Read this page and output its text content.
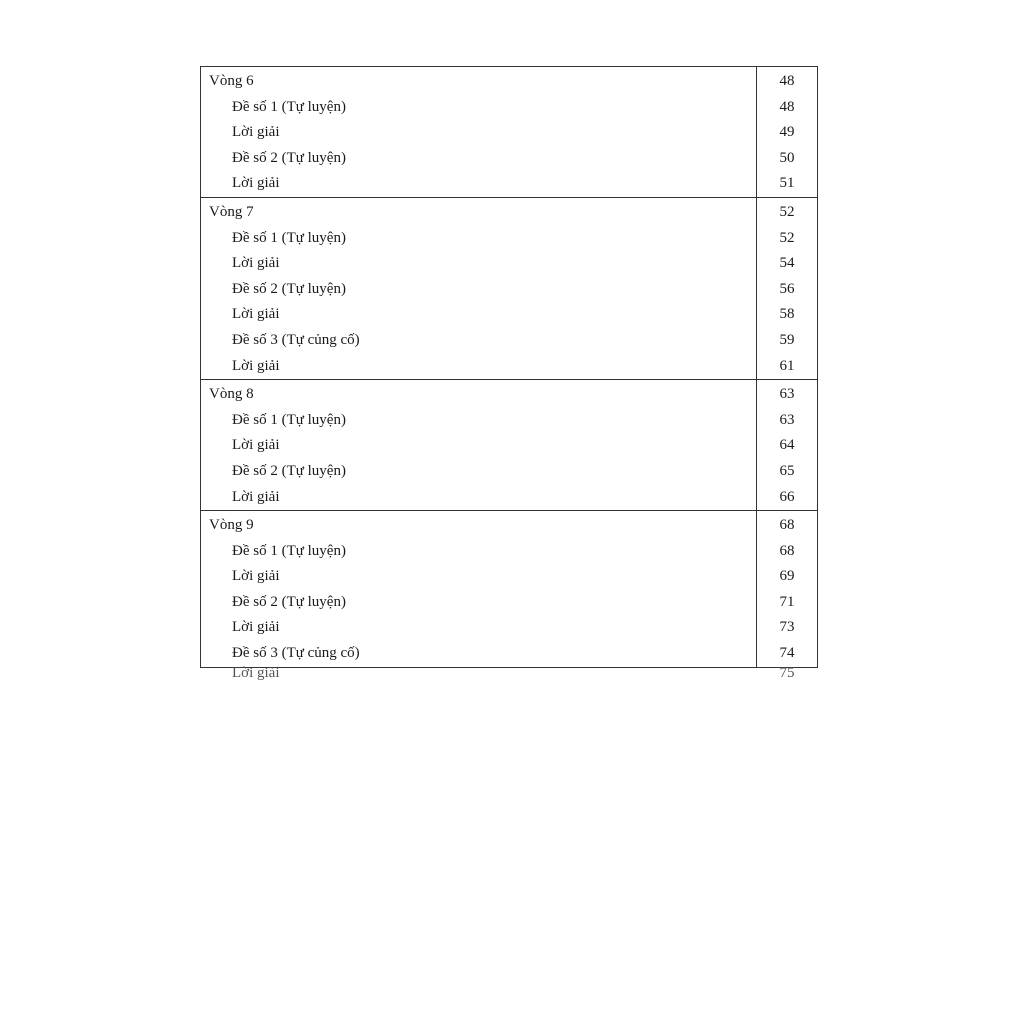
Vòng 6
Đề số 1 (Tự luyện)
Lời giải
Đề số 2 (Tự luyện)
Lời giải
48
48
49
50
51
Vòng 7
Đề số 1 (Tự luyện)
Lời giải
Đề số 2 (Tự luyện)
Lời giải
Đề số 3 (Tự củng cố)
Lời giải
52
52
54
56
58
59
61
Vòng 8
Đề số 1 (Tự luyện)
Lời giải
Đề số 2 (Tự luyện)
Lời giải
63
63
64
65
66
Vòng 9
Đề số 1 (Tự luyện)
Lời giải
Đề số 2 (Tự luyện)
Lời giải
Đề số 3 (Tự củng cố)
Lời giải
68
68
69
71
73
74
75
